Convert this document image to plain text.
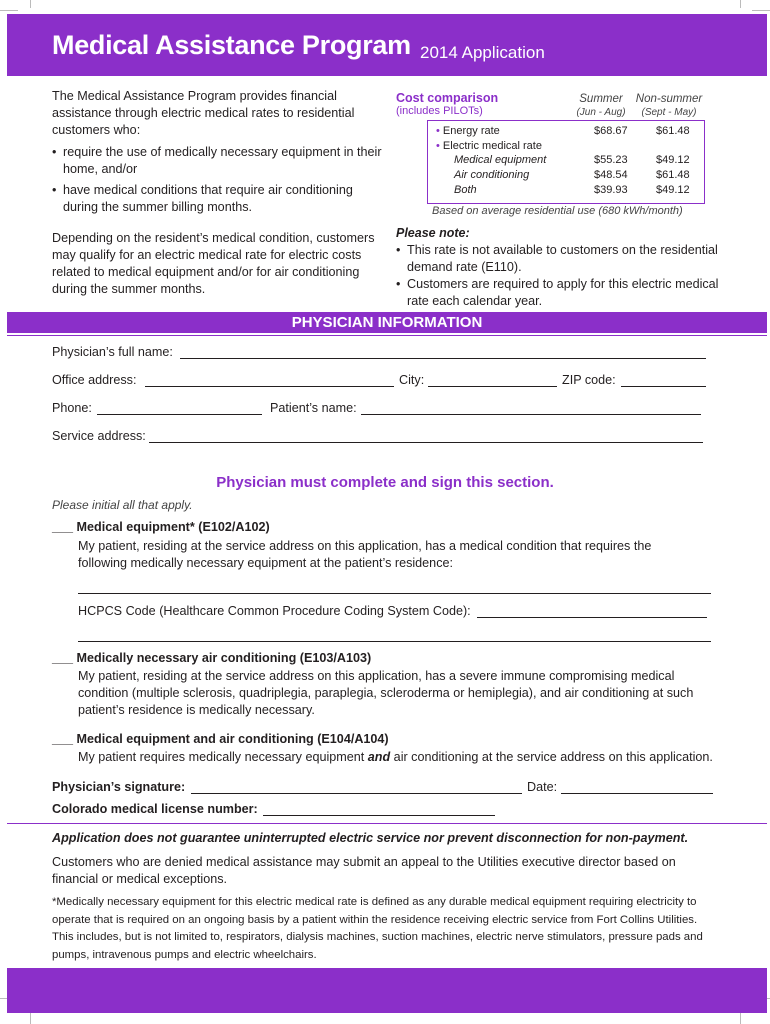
Medical Assistance Program 2014 Application

The Medical Assistance Program provides financial assistance through electric medical rates to residential customers who:

• require the use of medically necessary equipment in their home, and/or
• have medical conditions that require air conditioning during the summer billing months.

Depending on the resident’s medical condition, customers may qualify for an electric medical rate for electric costs related to medical equipment and/or for air conditioning during the summer months.

Cost comparison
(includes PILOTs)
Summer
(Jun - Aug)
Non-summer
(Sept - May)
• Energy rate	$68.67	$61.48
• Electric medical rate
Medical equipment	$55.23	$49.12
Air conditioning	$48.54	$61.48
Both	$39.93	$49.12
Based on average residential use (680 kWh/month)
Please note:
• This rate is not available to customers on the residential demand rate (E110).
• Customers are required to apply for this electric medical rate each calendar year.
PHYSICIAN INFORMATION
Physician’s full name:
Office address:	City:	ZIP code:
Phone:	Patient’s name:
Service address:
Physician must complete and sign this section.
Please initial all that apply.
___ Medical equipment* (E102/A102)
My patient, residing at the service address on this application, has a medical condition that requires the following medically necessary equipment at the patient’s residence:
HCPCS Code (Healthcare Common Procedure Coding System Code):
___ Medically necessary air conditioning (E103/A103)
My patient, residing at the service address on this application, has a severe immune compromising medical condition (multiple sclerosis, quadriplegia, paraplegia, scleroderma or hemiplegia), and air conditioning at such patient’s residence is medically necessary.
___ Medical equipment and air conditioning (E104/A104)
My patient requires medically necessary equipment and air conditioning at the service address on this application.
Physician’s signature:	Date:
Colorado medical license number:
Application does not guarantee uninterrupted electric service nor prevent disconnection for non-payment.
Customers who are denied medical assistance may submit an appeal to the Utilities executive director based on financial or medical exceptions.
*Medically necessary equipment for this electric medical rate is defined as any durable medical equipment requiring electricity to operate that is required on an ongoing basis by a patient within the residence receiving electric service from Fort Collins Utilities. This includes, but is not limited to, respirators, dialysis machines, suction machines, electric nerve stimulators, pressure pads and pumps, intravenous pumps and electric wheelchairs.
